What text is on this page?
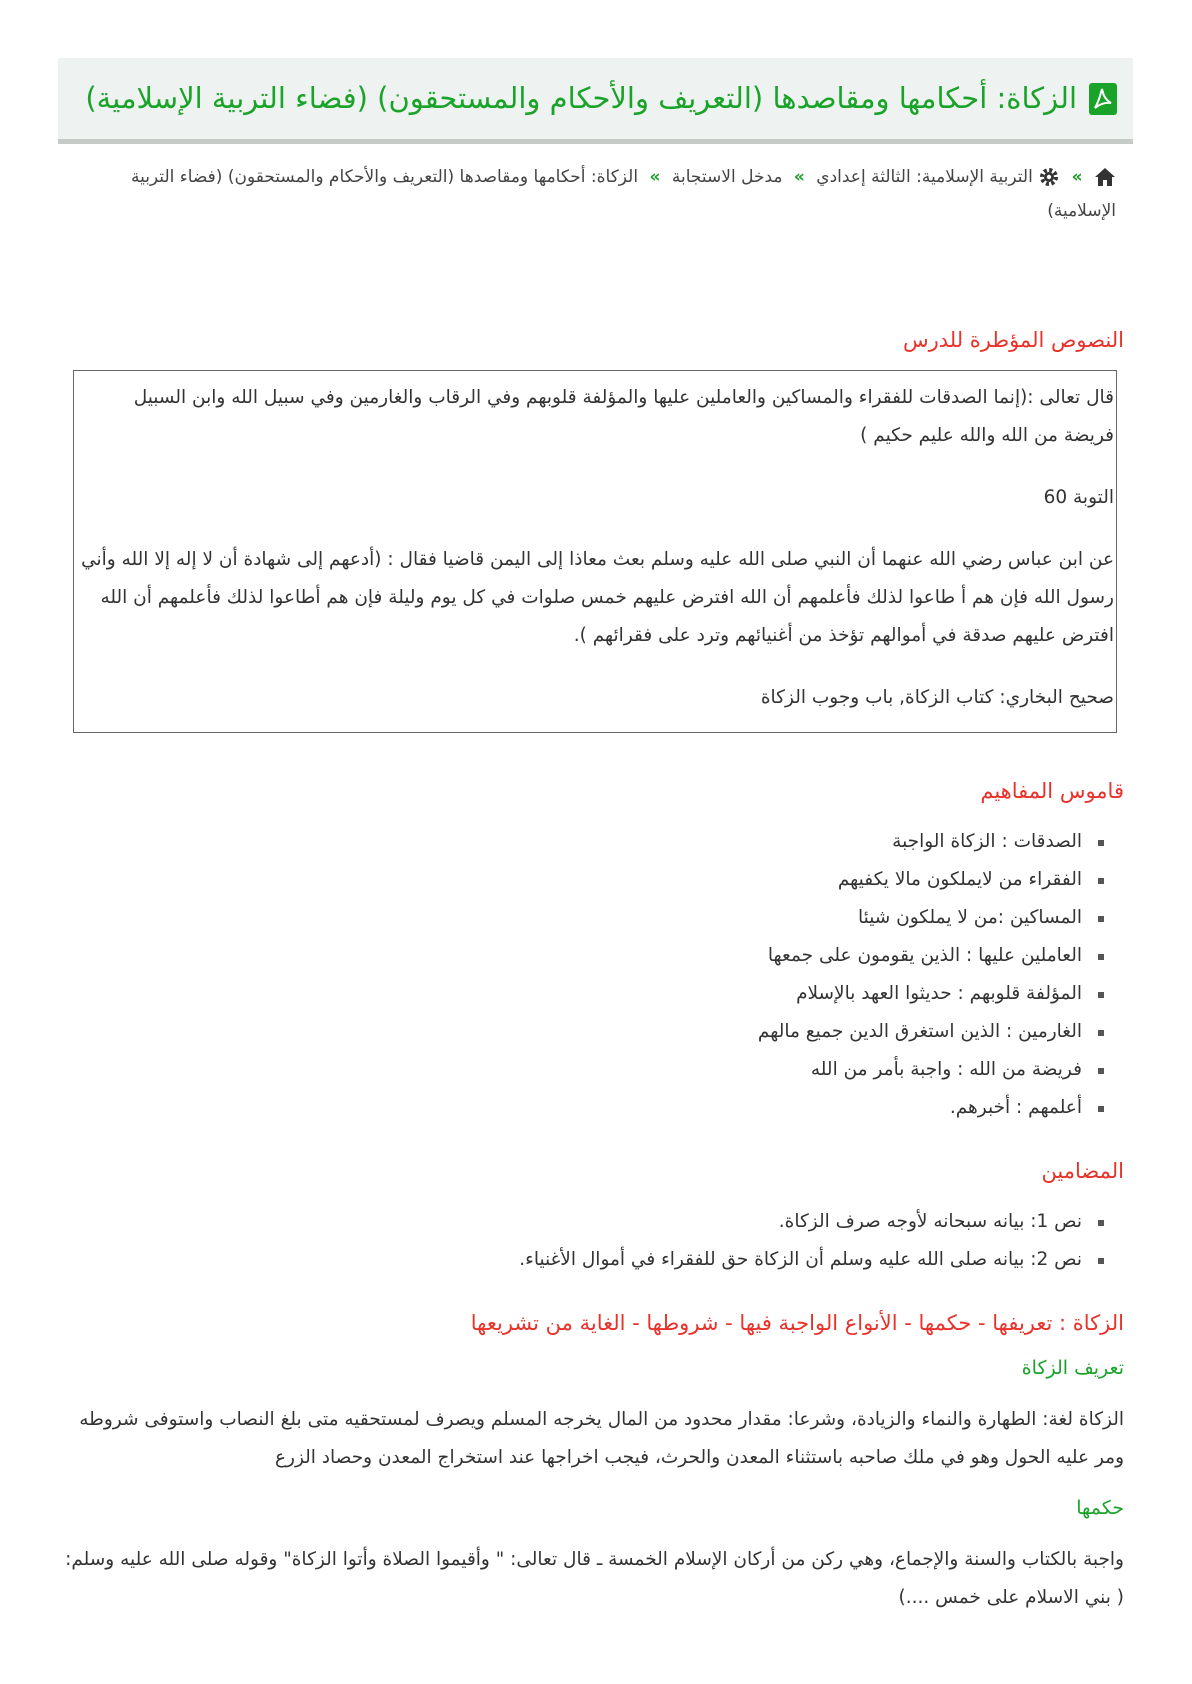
الزكاة: أحكامها ومقاصدها (التعريف والأحكام والمستحقون) (فضاء التربية الإسلامية)
»  التربية الإسلامية: الثالثة إعدادي » مدخل الاستجابة » الزكاة: أحكامها ومقاصدها (التعريف والأحكام والمستحقون) (فضاء التربية الإسلامية)
النصوص المؤطرة للدرس

قال تعالى :(إنما الصدقات للفقراء والمساكين والعاملين عليها والمؤلفة قلوبهم وفي الرقاب والغارمين وفي سبيل الله وابن السبيل فريضة من الله والله عليم حكيم )

التوبة 60

عن ابن عباس رضي الله عنهما أن النبي صلى الله عليه وسلم بعث معاذا إلى اليمن قاضيا فقال : (أدعهم إلى شهادة أن لا إله إلا الله وأني رسول الله فإن هم أ طاعوا لذلك فأعلمهم أن الله افترض عليهم خمس صلوات في كل يوم وليلة فإن هم أطاعوا لذلك فأعلمهم أن الله افترض عليهم صدقة في أموالهم تؤخذ من أغنيائهم وترد على فقرائهم ).

صحيح البخاري: كتاب الزكاة, باب وجوب الزكاة

قاموس المفاهيم
الصدقات : الزكاة الواجبة
الفقراء من لايملكون مالا يكفيهم
المساكين :من لا يملكون شيئا
العاملين عليها : الذين يقومون على جمعها
المؤلفة قلوبهم : حديثوا العهد بالإسلام
الغارمين : الذين استغرق الدين جميع مالهم
فريضة من الله : واجبة بأمر من الله
أعلمهم : أخبرهم.
المضامين
نص 1: بيانه سبحانه لأوجه صرف الزكاة.
نص 2: بيانه صلى الله عليه وسلم أن الزكاة حق للفقراء في أموال الأغنياء.
الزكاة : تعريفها - حكمها - الأنواع الواجبة فيها - شروطها - الغاية من تشريعها
تعريف الزكاة
الزكاة لغة: الطهارة والنماء والزيادة، وشرعا: مقدار محدود من المال يخرجه المسلم ويصرف لمستحقيه متى بلغ النصاب واستوفى شروطه ومر عليه الحول وهو في ملك صاحبه باستثناء المعدن والحرث، فيجب اخراجها عند استخراج المعدن وحصاد الزرع
حكمها
واجبة بالكتاب والسنة والإجماع، وهي ركن من أركان الإسلام الخمسة ـ قال تعالى: " وأقيموا الصلاة وأتوا الزكاة" وقوله صلى الله عليه وسلم: ( بني الاسلام على خمس ....)
